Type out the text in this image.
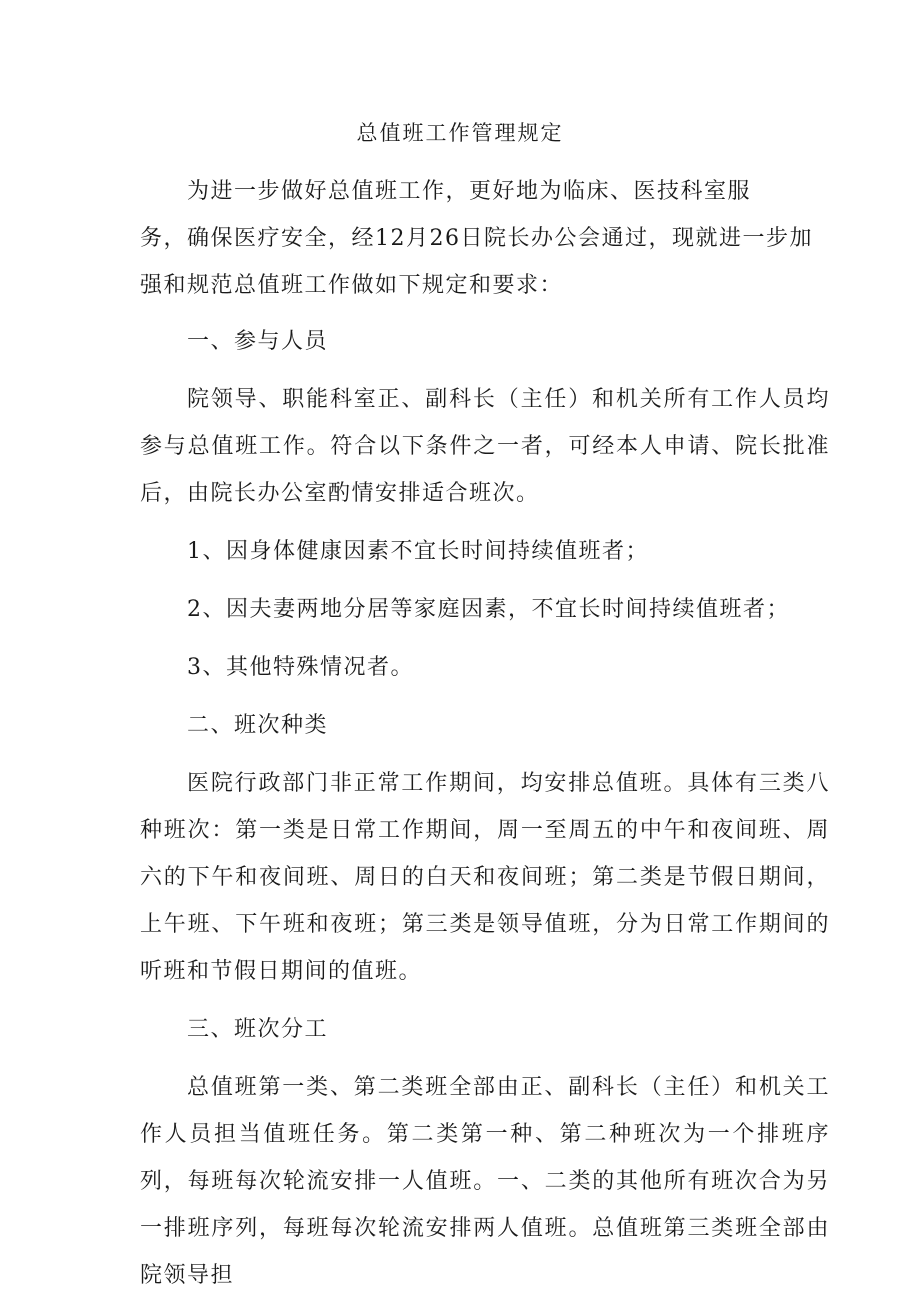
总值班工作管理规定

为进一步做好总值班工作，更好地为临床、医技科室服
务，确保医疗安全，经12月26日院长办公会通过，现就进一步加
强和规范总值班工作做如下规定和要求：

一、参与人员

院领导、职能科室正、副科长（主任）和机关所有工作人员均参与总值班工作。符合以下条件之一者，可经本人申请、院长批准后，由院长办公室酌情安排适合班次。

1、因身体健康因素不宜长时间持续值班者；

2、因夫妻两地分居等家庭因素，不宜长时间持续值班者；

3、其他特殊情况者。

二、班次种类

医院行政部门非正常工作期间，均安排总值班。具体有三类八种班次：第一类是日常工作期间，周一至周五的中午和夜间班、周六的下午和夜间班、周日的白天和夜间班；第二类是节假日期间，上午班、下午班和夜班；第三类是领导值班，分为日常工作期间的听班和节假日期间的值班。

三、班次分工

总值班第一类、第二类班全部由正、副科长（主任）和机关工作人员担当值班任务。第二类第一种、第二种班次为一个排班序列，每班每次轮流安排一人值班。一、二类的其他所有班次合为另一排班序列，每班每次轮流安排两人值班。总值班第三类班全部由院领导担
